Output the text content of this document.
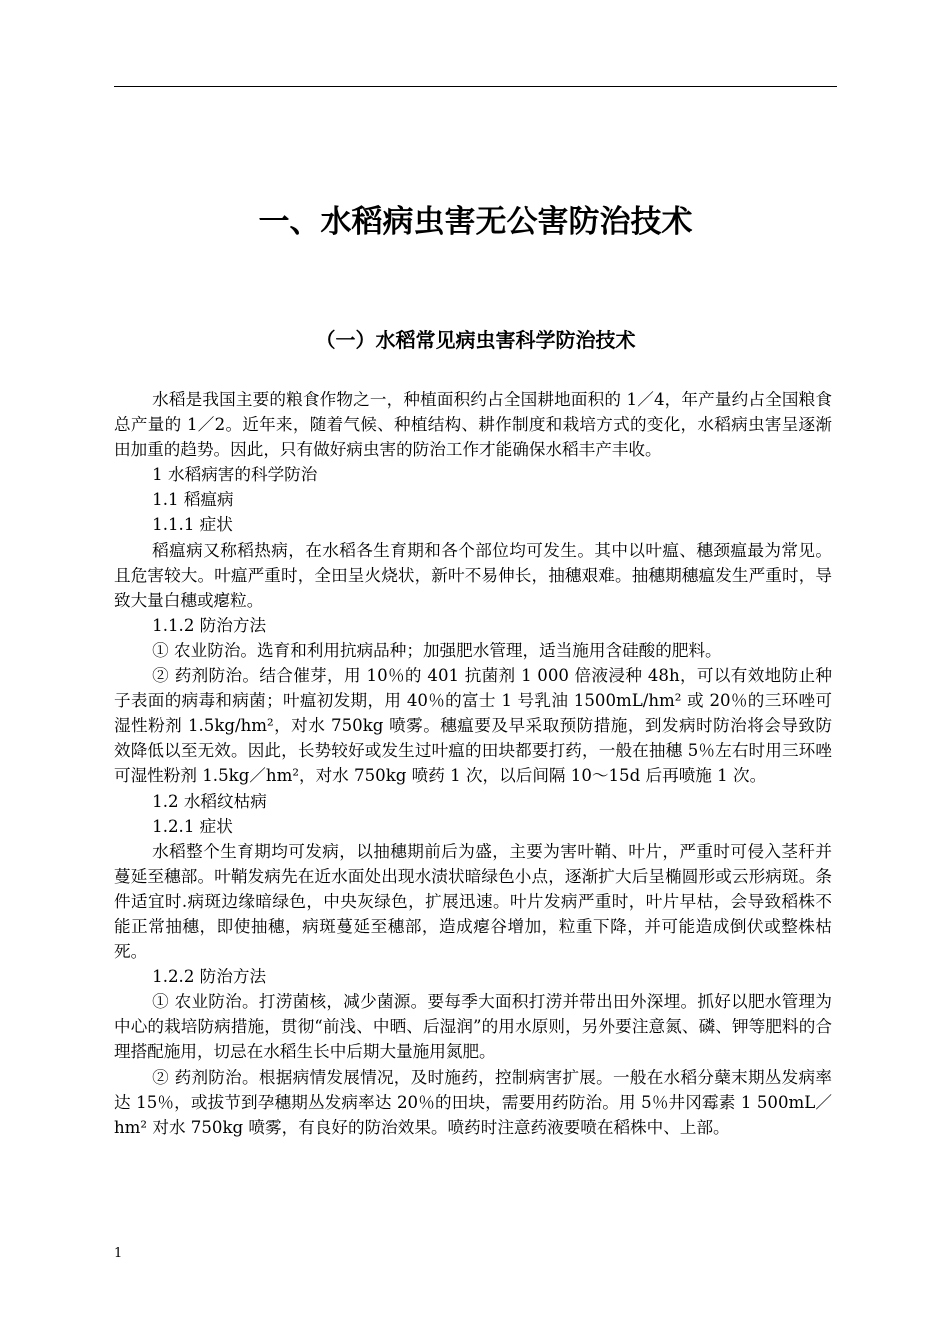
一、水稻病虫害无公害防治技术
（一）水稻常见病虫害科学防治技术

水稻是我国主要的粮食作物之一，种植面积约占全国耕地面积的 1／4，年产量约占全国粮食总产量的 1／2。近年来，随着气候、种植结构、耕作制度和栽培方式的变化，水稻病虫害呈逐渐田加重的趋势。因此，只有做好病虫害的防治工作才能确保水稻丰产丰收。

1 水稻病害的科学防治

1.1 稻瘟病

1.1.1 症状

稻瘟病又称稻热病，在水稻各生育期和各个部位均可发生。其中以叶瘟、穗颈瘟最为常见。且危害较大。叶瘟严重时，全田呈火烧状，新叶不易伸长，抽穗艰难。抽穗期穗瘟发生严重时，导致大量白穗或瘪粒。

1.1.2 防治方法

① 农业防治。选育和利用抗病品种；加强肥水管理，适当施用含硅酸的肥料。

② 药剂防治。结合催芽，用 10％的 401 抗菌剂 1 000 倍液浸种 48h，可以有效地防止种子表面的病毒和病菌；叶瘟初发期，用 40％的富士 1 号乳油 1500mL/hm² 或 20％的三环唑可湿性粉剂 1.5kg/hm²，对水 750kg 喷雾。穗瘟要及早采取预防措施，到发病时防治将会导致防效降低以至无效。因此，长势较好或发生过叶瘟的田块都要打药，一般在抽穗 5％左右时用三环唑可湿性粉剂 1.5kg／hm²，对水 750kg 喷药 1 次，以后间隔 10～15d 后再喷施 1 次。

1.2 水稻纹枯病

1.2.1 症状

水稻整个生育期均可发病，以抽穗期前后为盛，主要为害叶鞘、叶片，严重时可侵入茎秆并蔓延至穗部。叶鞘发病先在近水面处出现水渍状暗绿色小点，逐渐扩大后呈椭圆形或云形病斑。条件适宜时.病斑边缘暗绿色，中央灰绿色，扩展迅速。叶片发病严重时，叶片早枯，会导致稻株不能正常抽穗，即使抽穗，病斑蔓延至穗部，造成瘪谷增加，粒重下降，并可能造成倒伏或整株枯死。

1.2.2 防治方法

① 农业防治。打涝菌核，减少菌源。要每季大面积打涝并带出田外深埋。抓好以肥水管理为中心的栽培防病措施，贯彻“前浅、中晒、后湿润”的用水原则，另外要注意氮、磷、钾等肥料的合理搭配施用，切忌在水稻生长中后期大量施用氮肥。

② 药剂防治。根据病情发展情况，及时施药，控制病害扩展。一般在水稻分蘖末期丛发病率达 15％，或拔节到孕穗期丛发病率达 20％的田块，需要用药防治。用 5％井冈霉素 1 500mL／hm² 对水 750kg 喷雾，有良好的防治效果。喷药时注意药液要喷在稻株中、上部。

1
